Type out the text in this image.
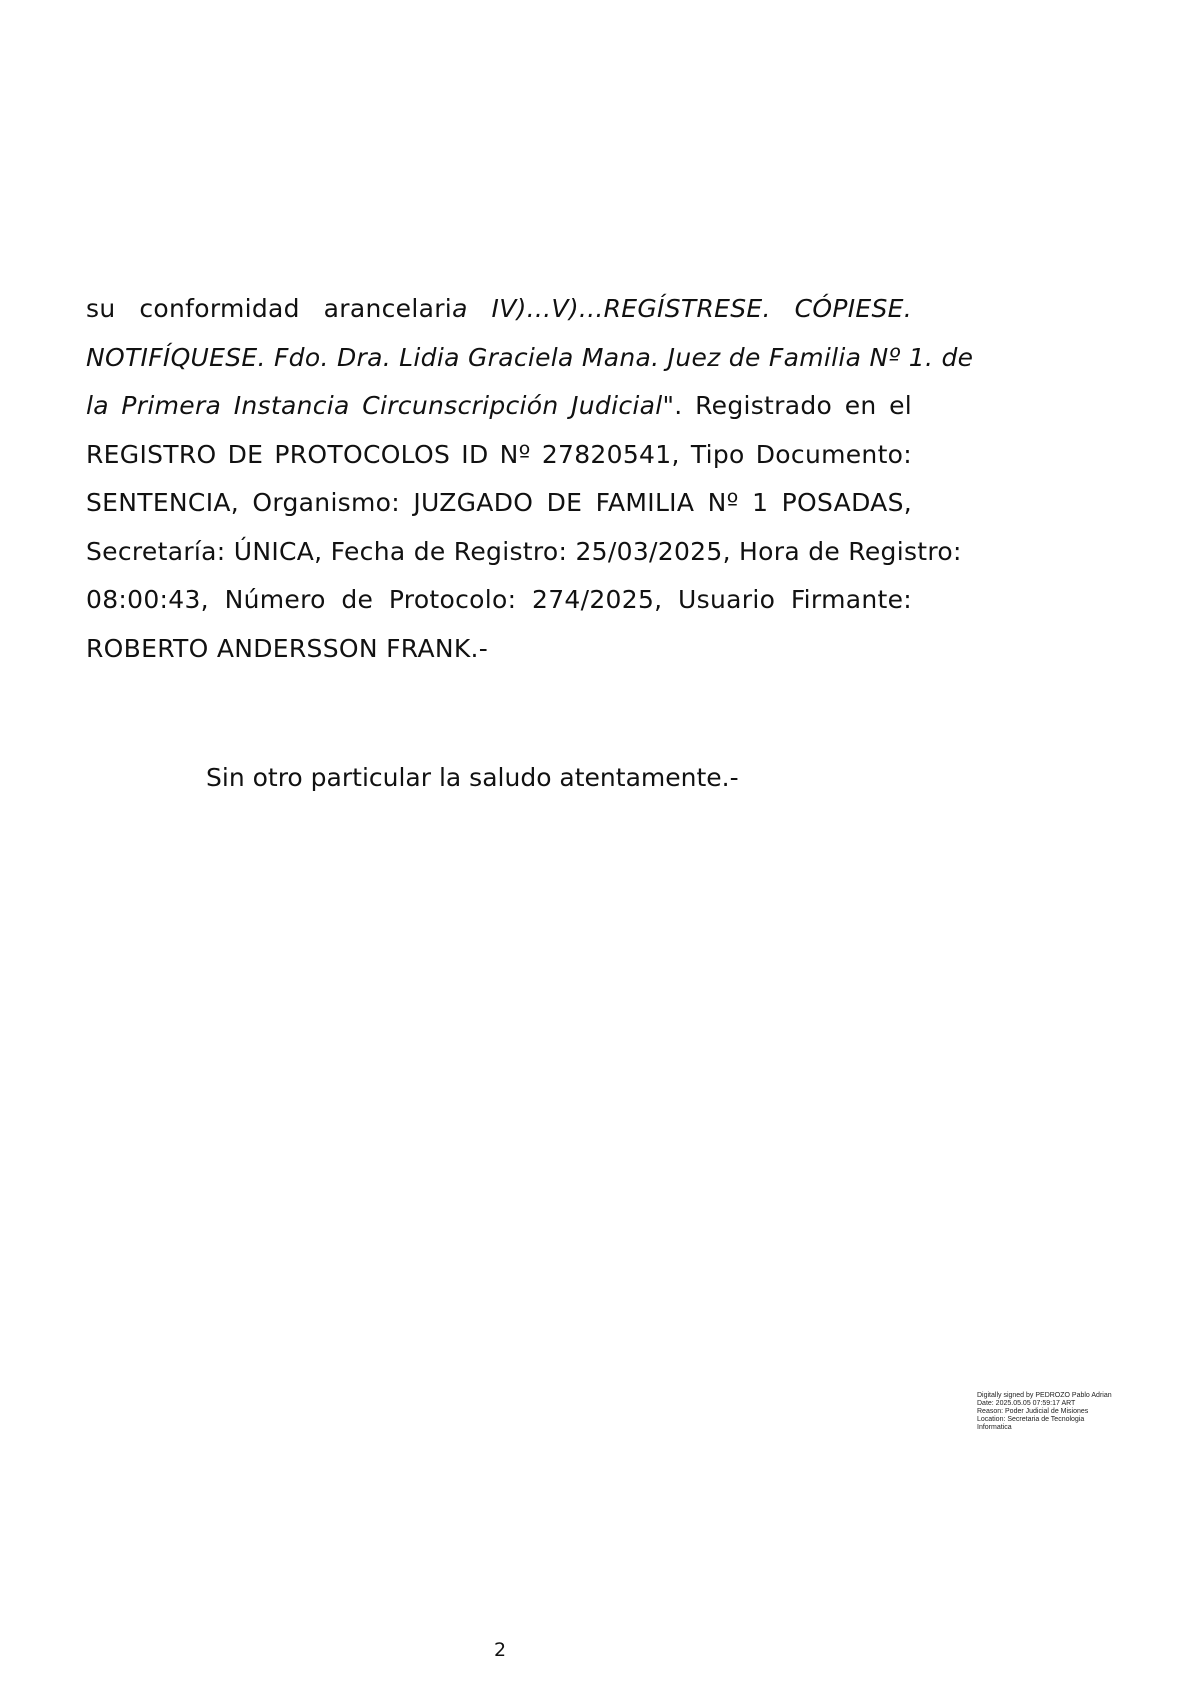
su conformidad arancelaria IV)...V)...REGÍSTRESE. CÓPIESE.
NOTIFÍQUESE. Fdo. Dra. Lidia Graciela Mana. Juez de Familia Nº 1. de
la Primera Instancia Circunscripción Judicial". Registrado en el
REGISTRO DE PROTOCOLOS ID Nº 27820541, Tipo Documento:
SENTENCIA, Organismo: JUZGADO DE FAMILIA Nº 1 POSADAS,
Secretaría: ÚNICA, Fecha de Registro: 25/03/2025, Hora de Registro:
08:00:43, Número de Protocolo: 274/2025, Usuario Firmante:
ROBERTO ANDERSSON FRANK.-
Sin otro particular la saludo atentamente.-
Digitally signed by PEDROZO Pablo Adrian
Date: 2025.05.05 07:59:17 ART
Reason: Poder Judicial de Misiones
Location: Secretaria de Tecnologia
Informatica
2
